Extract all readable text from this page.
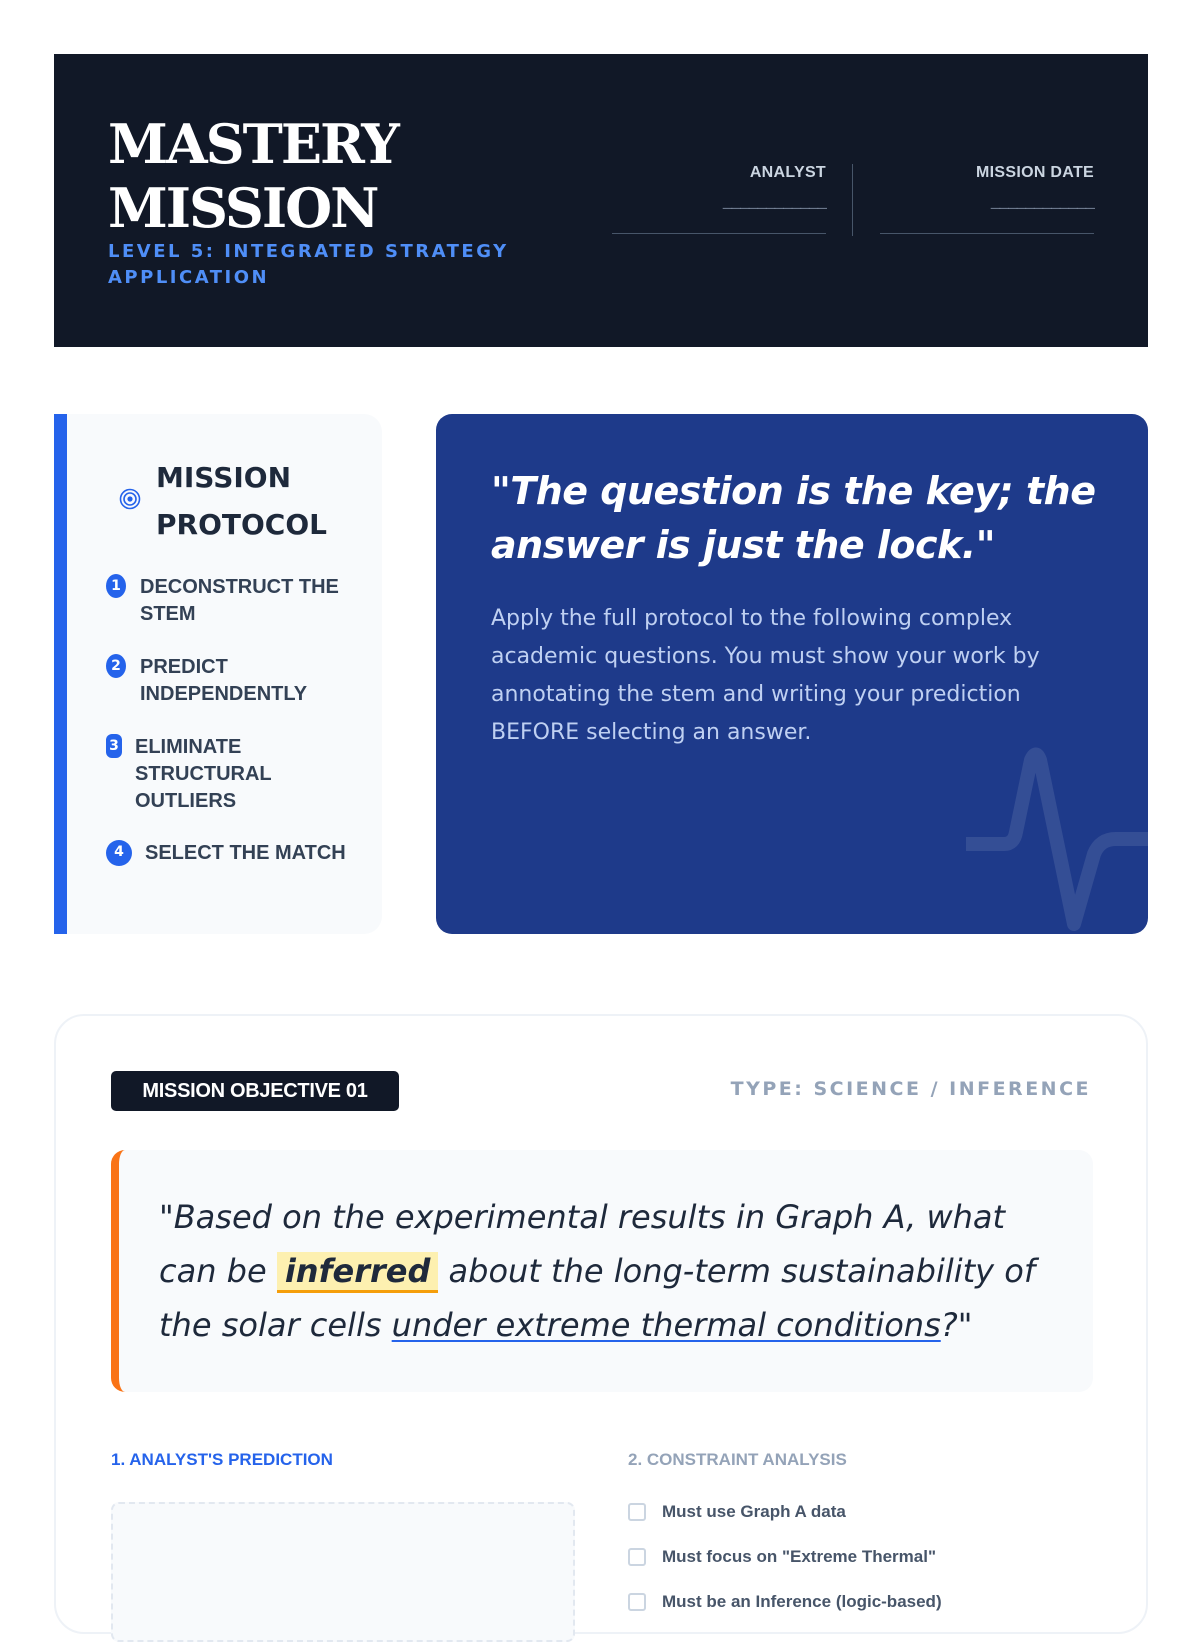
MASTERY
MISSION
LEVEL 5: INTEGRATED STRATEGY APPLICATION
ANALYST
____________
MISSION DATE
____________
MISSION PROTOCOL
1 DECONSTRUCT THE STEM
2 PREDICT INDEPENDENTLY
3 ELIMINATE STRUCTURAL OUTLIERS
4	SELECT THE MATCH
"The question is the key; the answer is just the lock."
Apply the full protocol to the following complex academic questions. You must show your work by annotating the stem and writing your prediction BEFORE selecting an answer.
MISSION OBJECTIVE 01	TYPE: SCIENCE / INFERENCE
"Based on the experimental results in Graph A, what can be inferred about the long-term sustainability of the solar cells under extreme thermal conditions?"
1. ANALYST'S PREDICTION	2. CONSTRAINT ANALYSIS
Must use Graph A data
Must focus on "Extreme Thermal"
Must be an Inference (logic-based)
